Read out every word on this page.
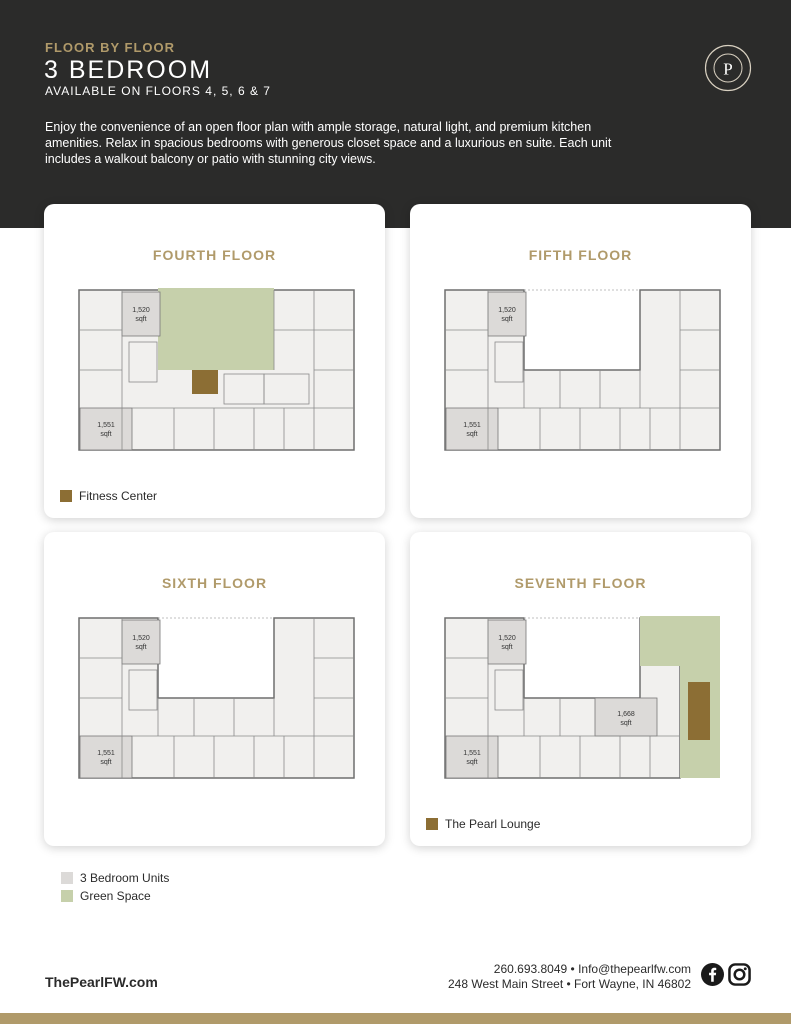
FLOOR BY FLOOR
3 BEDROOM
AVAILABLE ON FLOORS 4, 5, 6 & 7
Enjoy the convenience of an open floor plan with ample storage, natural light, and premium kitchen amenities. Relax in spacious bedrooms with generous closet space and a luxurious en suite. Each unit includes a walkout balcony or patio with stunning city views.
P
FOURTH FLOOR
1,520
sqft
1,551
sqft
Fitness Center
FIFTH FLOOR
1,520
sqft
1,551
sqft
SIXTH FLOOR
1,520
sqft
1,551
sqft
SEVENTH FLOOR
1,520
sqft
1,551
sqft
1,668
sqft
The Pearl Lounge
3 Bedroom Units
Green Space
ThePearlFW.com
260.693.8049 • Info@thepearlfw.com
248 West Main Street • Fort Wayne, IN 46802
